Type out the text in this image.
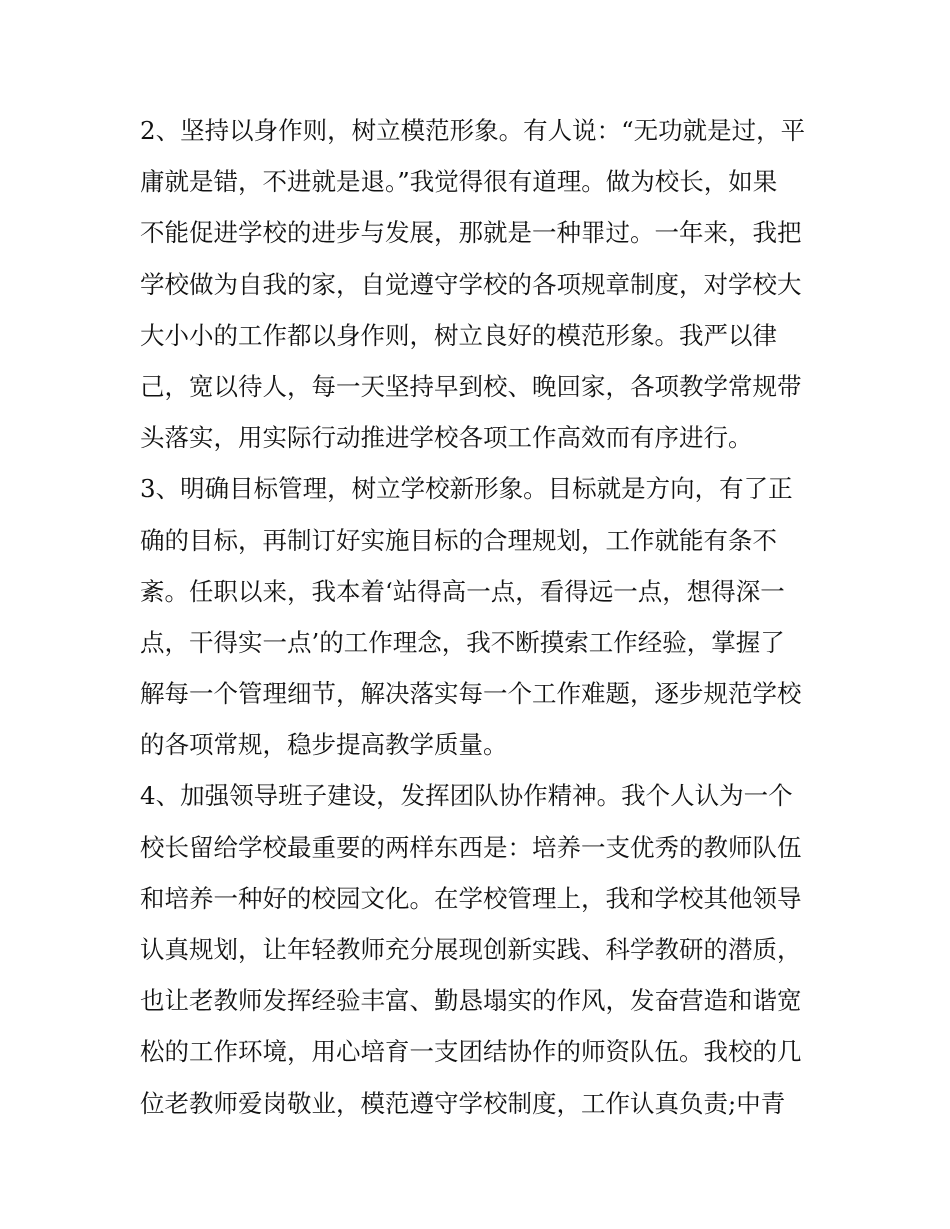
2、坚持以身作则，树立模范形象。有人说：“无功就是过，平
庸就是错，不进就是退。”我觉得很有道理。做为校长，如果
不能促进学校的进步与发展，那就是一种罪过。一年来，我把
学校做为自我的家，自觉遵守学校的各项规章制度，对学校大
大小小的工作都以身作则，树立良好的模范形象。我严以律
己，宽以待人，每一天坚持早到校、晚回家，各项教学常规带
头落实，用实际行动推进学校各项工作高效而有序进行。
3、明确目标管理，树立学校新形象。目标就是方向，有了正
确的目标，再制订好实施目标的合理规划，工作就能有条不
紊。任职以来，我本着‘站得高一点，看得远一点，想得深一
点，干得实一点’的工作理念，我不断摸索工作经验，掌握了
解每一个管理细节，解决落实每一个工作难题，逐步规范学校
的各项常规，稳步提高教学质量。
4、加强领导班子建设，发挥团队协作精神。我个人认为一个
校长留给学校最重要的两样东西是：培养一支优秀的教师队伍
和培养一种好的校园文化。在学校管理上，我和学校其他领导
认真规划，让年轻教师充分展现创新实践、科学教研的潜质，
也让老教师发挥经验丰富、勤恳塌实的作风，发奋营造和谐宽
松的工作环境，用心培育一支团结协作的师资队伍。我校的几
位老教师爱岗敬业，模范遵守学校制度，工作认真负责;中青
